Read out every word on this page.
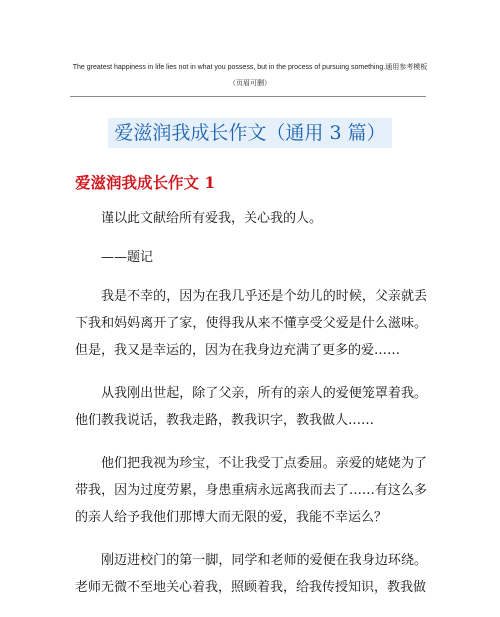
The greatest happiness in life lies not in what you possess, but in the process of pursuing something.通用参考模板（页眉可删）
爱滋润我成长作文（通用 3 篇）
爱滋润我成长作文 1

谨以此文献给所有爱我，关心我的人。

——题记

我是不幸的，因为在我几乎还是个幼儿的时候，父亲就丢下我和妈妈离开了家，使得我从来不懂享受父爱是什么滋味。但是，我又是幸运的，因为在我身边充满了更多的爱……

从我刚出世起，除了父亲，所有的亲人的爱便笼罩着我。他们教我说话，教我走路，教我识字，教我做人……

他们把我视为珍宝，不让我受丁点委屈。亲爱的姥姥为了带我，因为过度劳累，身患重病永远离我而去了……有这么多的亲人给予我他们那博大而无限的爱，我能不幸运么？

刚迈进校门的第一脚，同学和老师的爱便在我身边环绕。老师无微不至地关心着我，照顾着我，给我传授知识，教我做
